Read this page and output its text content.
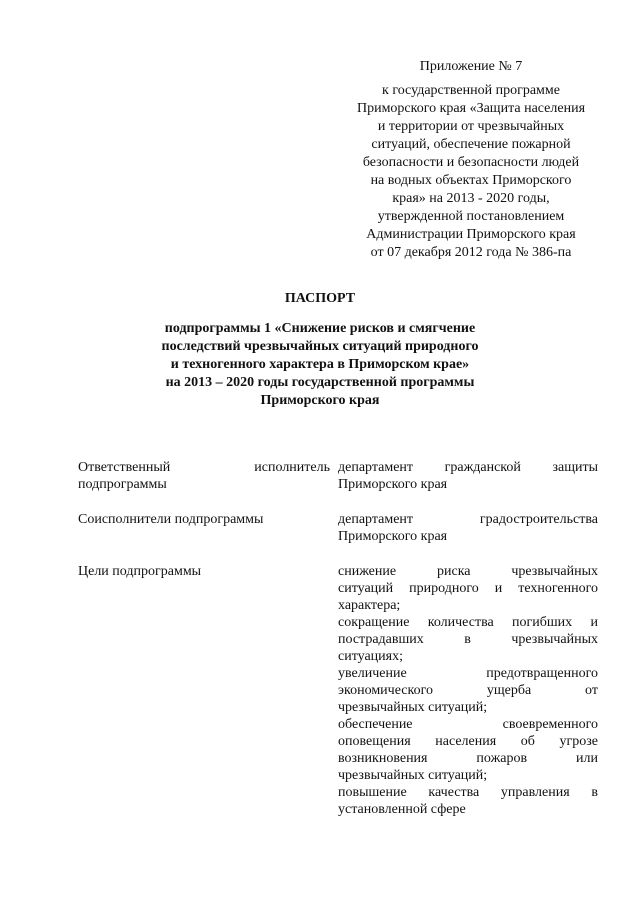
Приложение № 7
к государственной программе
Приморского края «Защита населения
и территории от чрезвычайных
ситуаций, обеспечение пожарной
безопасности и безопасности людей
на водных объектах Приморского
края» на 2013 - 2020 годы,
утвержденной постановлением
Администрации Приморского края
от 07 декабря 2012 года № 386-па
ПАСПОРТ
подпрограммы 1 «Снижение рисков и смягчение
последствий чрезвычайных ситуаций природного
и техногенного характера в Приморском крае»
на 2013 – 2020 годы государственной программы
Приморского края
Ответственный исполнитель
подпрограммы
департамент гражданской защиты
Приморского края
Соисполнители подпрограммы	департамент градостроительства
Приморского края
Цели подпрограммы	снижение риска чрезвычайных
ситуаций природного и техногенного
характера;
сокращение количества погибших и
пострадавших в чрезвычайных
ситуациях;
увеличение предотвращенного
экономического ущерба от
чрезвычайных ситуаций;
обеспечение своевременного
оповещения населения об угрозе
возникновения пожаров или
чрезвычайных ситуаций;
повышение качества управления в
установленной сфере
